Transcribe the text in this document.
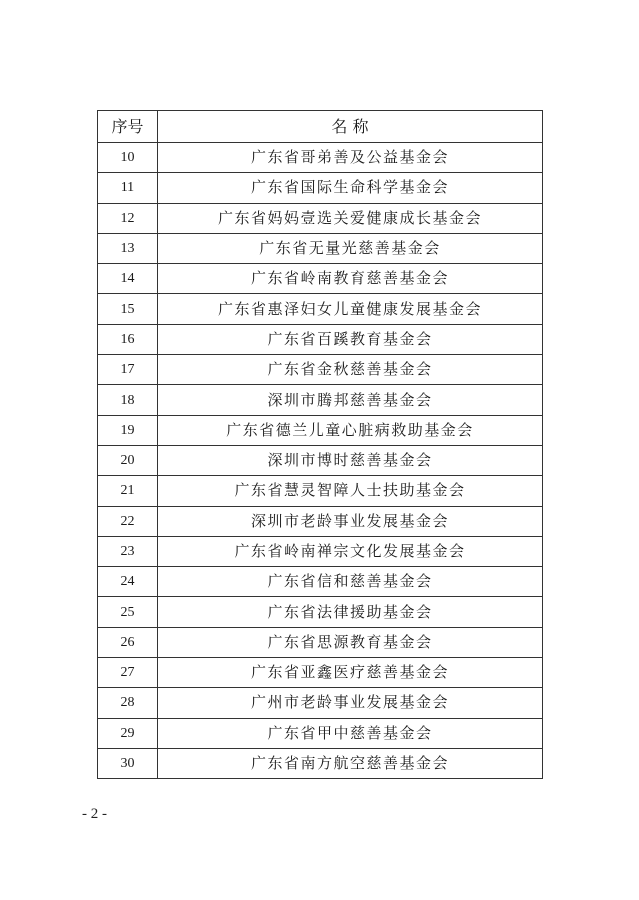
序号	名 称
10	广东省哥弟善及公益基金会
11	广东省国际生命科学基金会
12	广东省妈妈壹选关爱健康成长基金会
13	广东省无量光慈善基金会
14	广东省岭南教育慈善基金会
15	广东省惠泽妇女儿童健康发展基金会
16	广东省百蹊教育基金会
17	广东省金秋慈善基金会
18	深圳市腾邦慈善基金会
19	广东省德兰儿童心脏病救助基金会
20	深圳市博时慈善基金会
21	广东省慧灵智障人士扶助基金会
22	深圳市老龄事业发展基金会
23	广东省岭南禅宗文化发展基金会
24	广东省信和慈善基金会
25	广东省法律援助基金会
26	广东省思源教育基金会
27	广东省亚鑫医疗慈善基金会
28	广州市老龄事业发展基金会
29	广东省甲中慈善基金会
30	广东省南方航空慈善基金会
- 2 -
